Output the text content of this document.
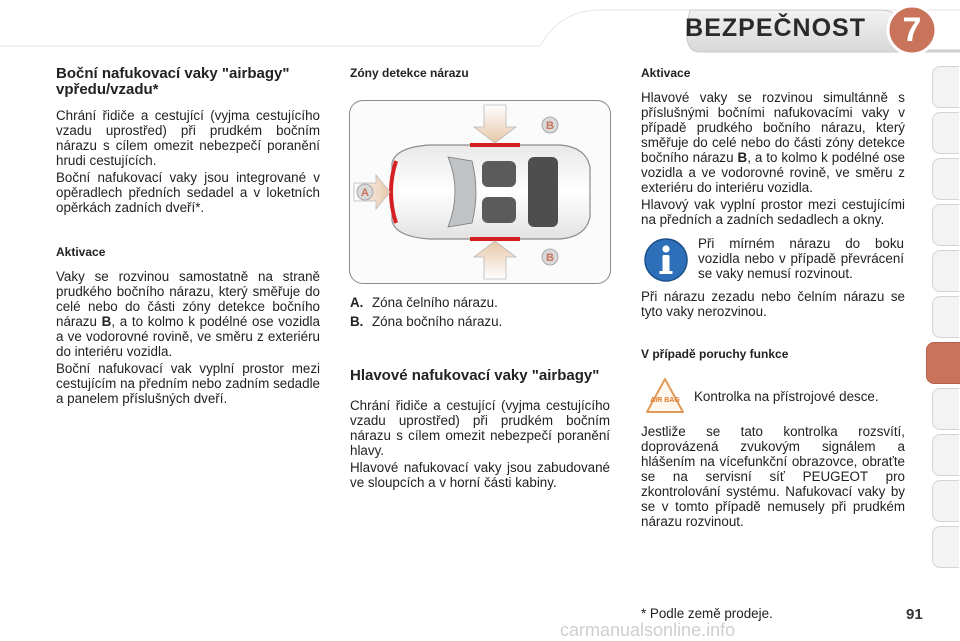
BEZPEČNOST	7
Boční nafukovací vaky "airbagy" vpředu/vzadu*

Chrání řidiče a cestující (vyjma cestujícího vzadu uprostřed) při prudkém bočním nárazu s cílem omezit nebezpečí poranění hrudi cestujících.

Boční nafukovací vaky jsou integrované v opěradlech předních sedadel a v loketních opěrkách zadních dveří*.

Aktivace

Vaky se rozvinou samostatně na straně prudkého bočního nárazu, který směřuje do celé nebo do části zóny detekce bočního nárazu B, a to kolmo k podélné ose vozidla a ve vodorovné rovině, ve směru z exteriéru do interiéru vozidla.

Boční nafukovací vak vyplní prostor mezi cestujícím na předním nebo zadním sedadle a panelem příslušných dveří.

Zóny detekce nárazu
A
B
B
A. Zóna čelního nárazu.
B. Zóna bočního nárazu.
Hlavové nafukovací vaky "airbagy"

Chrání řidiče a cestující (vyjma cestujícího vzadu uprostřed) při prudkém bočním nárazu s cílem omezit nebezpečí poranění hlavy.

Hlavové nafukovací vaky jsou zabudované ve sloupcích a v horní části kabiny.

Aktivace

Hlavové vaky se rozvinou simultánně s příslušnými bočními nafukovacími vaky v případě prudkého bočního nárazu, který směřuje do celé nebo do části zóny detekce bočního nárazu B, a to kolmo k podélné ose vozidla a ve vodorovné rovině, ve směru z exteriéru do interiéru vozidla.

Hlavový vak vyplní prostor mezi cestujícími na předních a zadních sedadlech a okny.

Při mírném nárazu do boku vozidla nebo v případě převrácení se vaky nemusí rozvinout.

Při nárazu zezadu nebo čelním nárazu se tyto vaky nerozvinou.

V případě poruchy funkce
AIR BAG Kontrolka na přístrojové desce.

Jestliže se tato kontrolka rozsvítí, doprovázená zvukovým signálem a hlášením na vícefunkční obrazovce, obraťte se na servisní síť PEUGEOT pro zkontrolování systému. Nafukovací vaky by se v tomto případě nemusely při prudkém nárazu rozvinout.

* Podle země prodeje.	91
carmanualsonline.info
